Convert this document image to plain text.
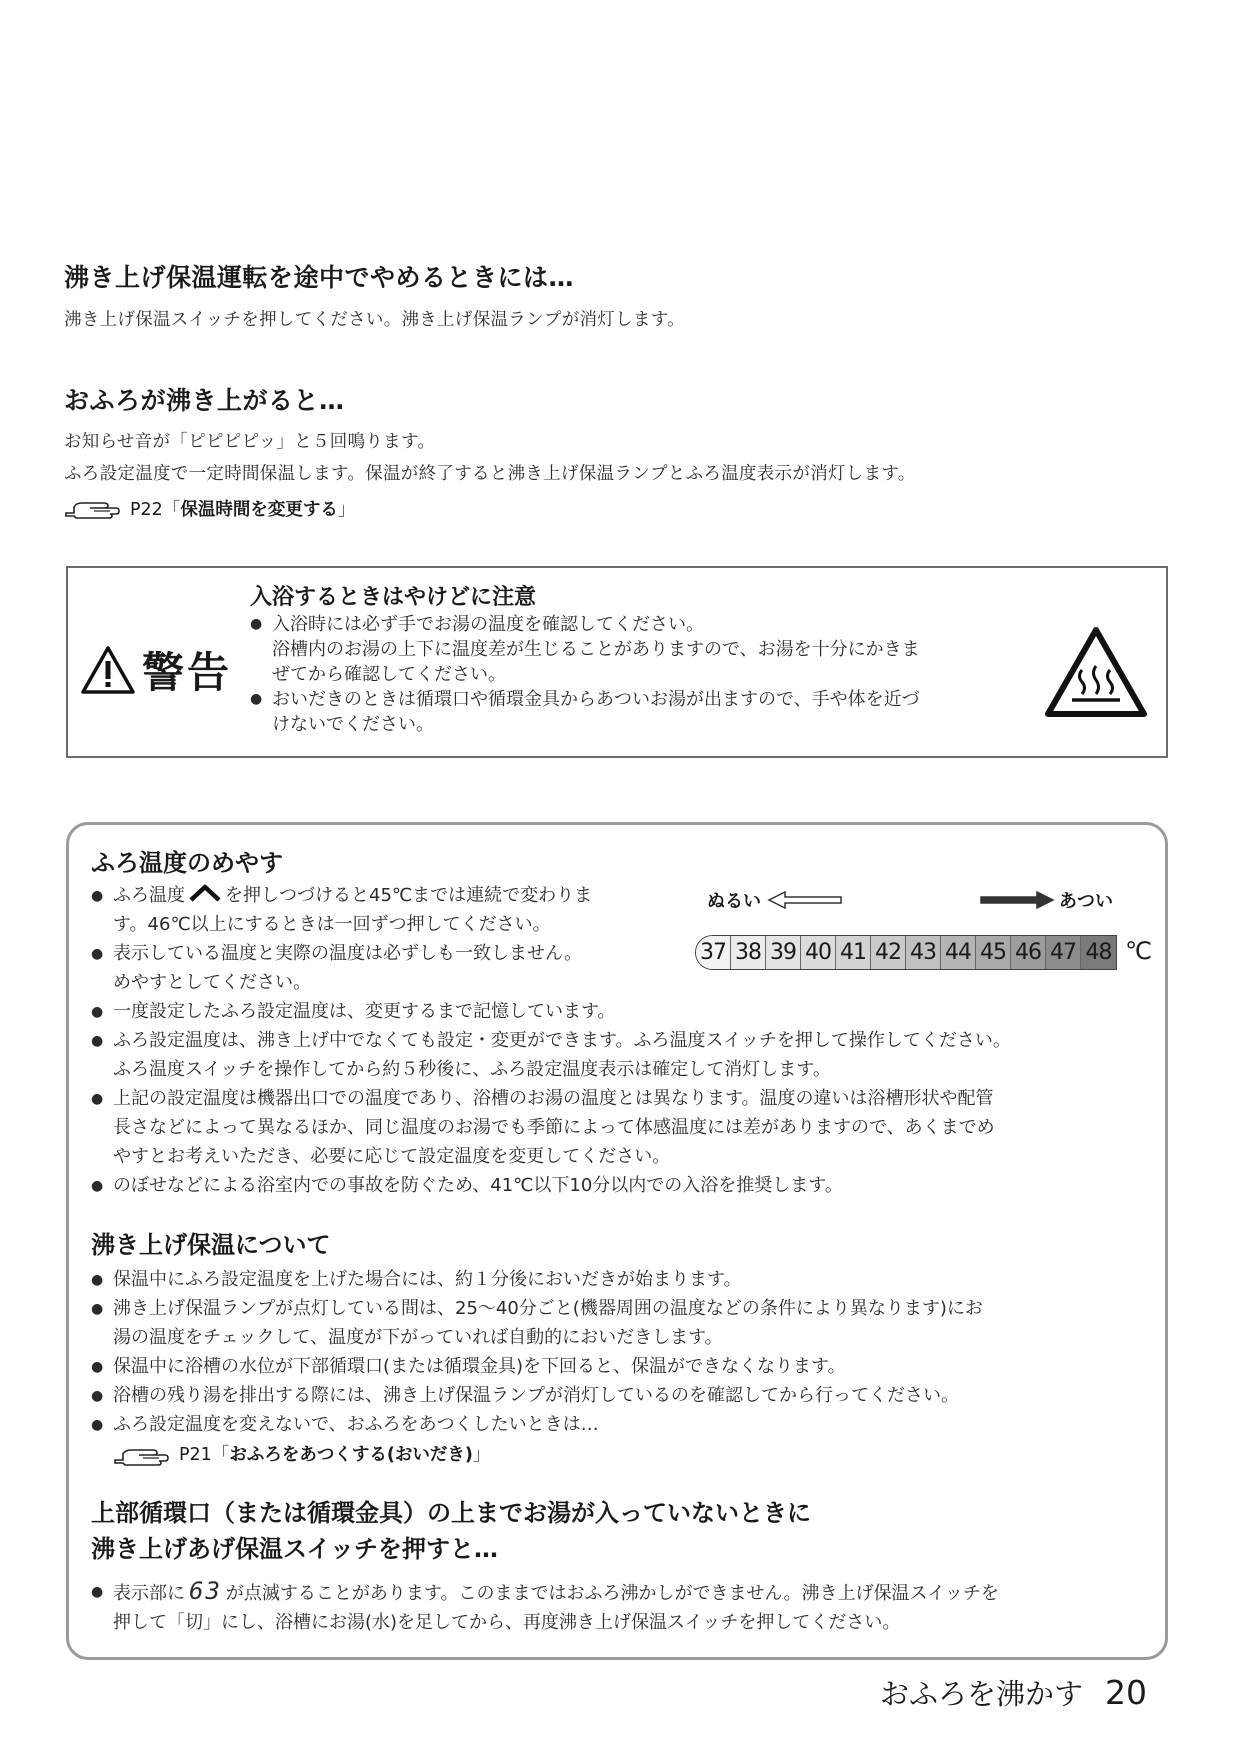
沸き上げ保温運転を途中でやめるときには…
沸き上げ保温スイッチを押してください。沸き上げ保温ランプが消灯します。
おふろが沸き上がると…
お知らせ音が「ピピピピッ」と５回鳴ります。
ふろ設定温度で一定時間保温します。保温が終了すると沸き上げ保温ランプとふろ温度表示が消灯します。
P22「 保温時間を変更する 」
警告
入浴するときはやけどに注意
● 入浴時には必ず手でお湯の温度を確認してください。
浴槽内のお湯の上下に温度差が生じることがありますので、お湯を十分にかきま
ぜてから確認してください。
● おいだきのときは循環口や循環金具からあついお湯が出ますので、手や体を近づ
けないでください。
ふろ温度のめやす
● ふろ温度 を押しつづけると45℃までは連続で変わりま
す。46℃以上にするときは一回ずつ押してください。
● 表示している温度と実際の温度は必ずしも一致しません。
めやすとしてください。
ぬるい	あつい
37 38 39 40 41 42 43 44 45 46 47 48 ℃
● 一度設定したふろ設定温度は、変更するまで記憶しています。
● ふろ設定温度は、沸き上げ中でなくても設定・変更ができます。ふろ温度スイッチを押して操作してください。
ふろ温度スイッチを操作してから約５秒後に、ふろ設定温度表示は確定して消灯します。
● 上記の設定温度は機器出口での温度であり、浴槽のお湯の温度とは異なります。温度の違いは浴槽形状や配管
長さなどによって異なるほか、同じ温度のお湯でも季節によって体感温度には差がありますので、あくまでめ
やすとお考えいただき、必要に応じて設定温度を変更してください。
● のぼせなどによる浴室内での事故を防ぐため、41℃以下10分以内での入浴を推奨します。
沸き上げ保温について
● 保温中にふろ設定温度を上げた場合には、約１分後においだきが始まります。
● 沸き上げ保温ランプが点灯している間は、25～40分ごと(機器周囲の温度などの条件により異なります)にお
湯の温度をチェックして、温度が下がっていれば自動的においだきします。
● 保温中に浴槽の水位が下部循環口(または循環金具)を下回ると、保温ができなくなります。
● 浴槽の残り湯を排出する際には、沸き上げ保温ランプが消灯しているのを確認してから行ってください。
● ふろ設定温度を変えないで、おふろをあつくしたいときは…
P21「 おふろをあつくする(おいだき) 」
上部循環口（または循環金具）の上までお湯が入っていないときに
沸き上げあげ保温スイッチを押すと…
● 表示部に 63 が点滅することがあります。このままではおふろ沸かしができません。沸き上げ保温スイッチを
押して「切」にし、浴槽にお湯(水)を足してから、再度沸き上げ保温スイッチを押してください。
おふろを沸かす 20
